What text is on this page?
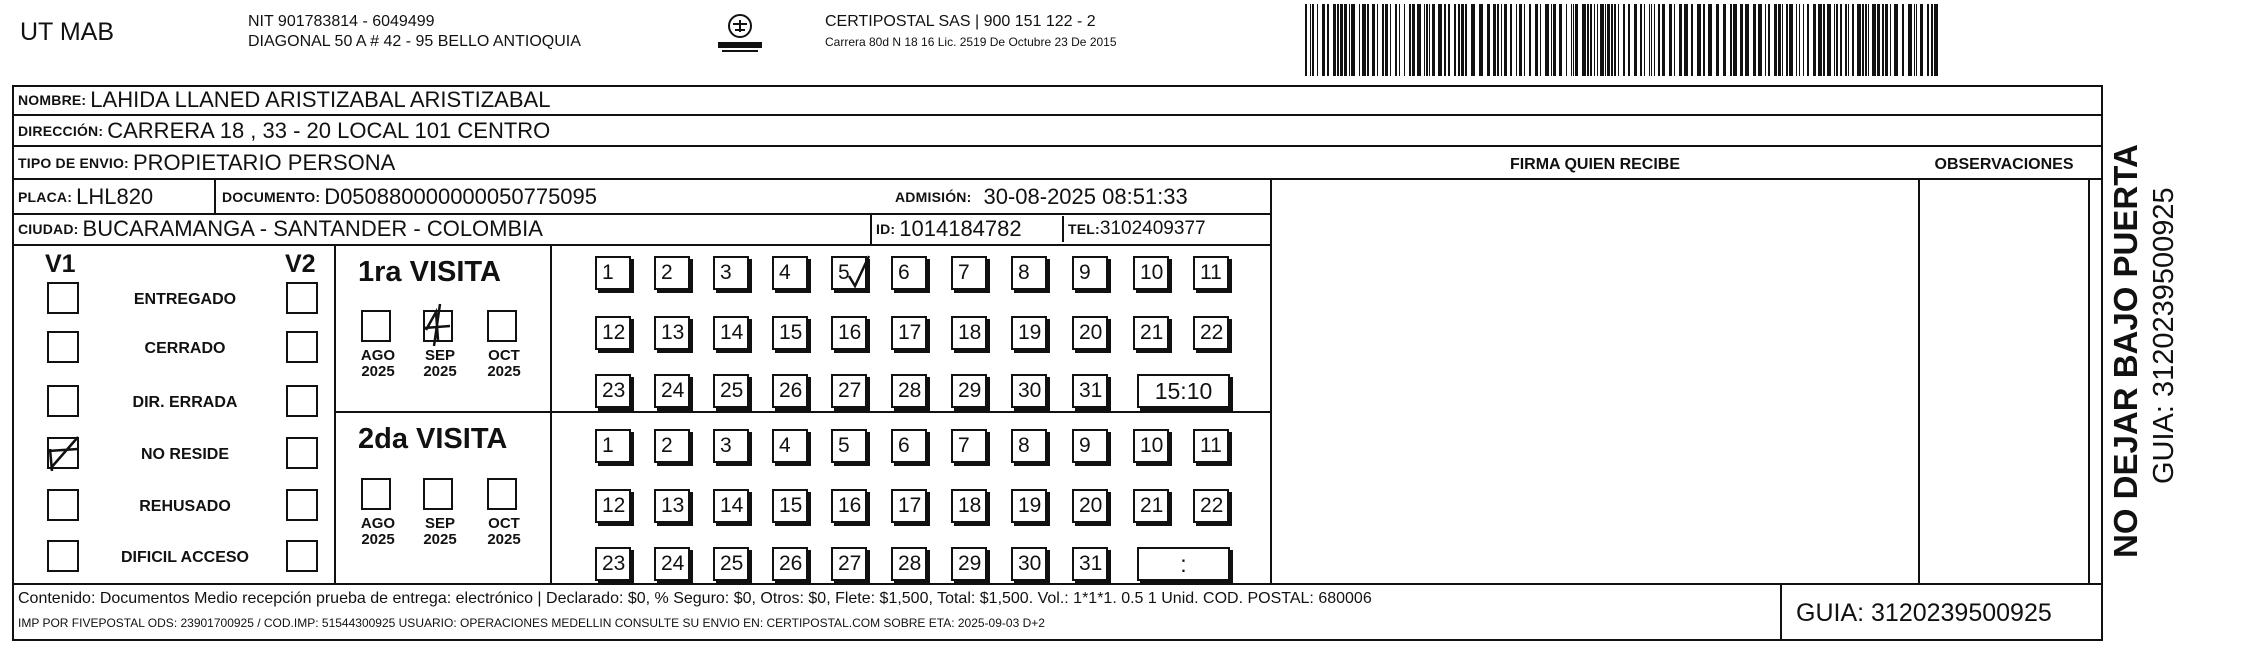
UT MAB	NIT 901783814 - 6049499
DIAGONAL 50 A # 42 - 95 BELLO ANTIOQUIA
CERTIPOSTAL SAS | 900 151 122 - 2
Carrera 80d N 18 16 Lic. 2519 De Octubre 23 De 2015
NOMBRE: LAHIDA LLANED ARISTIZABAL ARISTIZABAL
DIRECCIÓN: CARRERA 18 , 33 - 20 LOCAL 101 CENTRO
TIPO DE ENVIO: PROPIETARIO PERSONA	FIRMA QUIEN RECIBE	OBSERVACIONES
PLACA: LHL820	DOCUMENTO: D050880000000050775095	ADMISIÓN: 30-08-2025 08:51:33
CIUDAD: BUCARAMANGA - SANTANDER - COLOMBIA	ID: 1014184782	TEL: 3102409377
V1	V2
ENTREGADO
CERRADO
DIR. ERRADA
NO RESIDE
REHUSADO
DIFICIL ACCESO
1ra VISITA
2da VISITA
AGO
2025
SEP
2025
OCT
2025
AGO
2025
SEP
2025
OCT
2025
1	2	3	4	5	6	7	8	9	10	11
12	13	14	15	16	17	18	19	20	21	22
23	24	25	26	27	28	29	30	31	15:10
1	2	3	4	5	6	7	8	9	10	11
12	13	14	15	16	17	18	19	20	21	22
23	24	25	26	27	28	29	30	31	:
Contenido: Documentos Medio recepción prueba de entrega: electrónico | Declarado: $0, % Seguro: $0, Otros: $0, Flete: $1,500, Total: $1,500. Vol.: 1*1*1. 0.5 1 Unid. COD. POSTAL: 680006
IMP POR FIVEPOSTAL ODS: 23901700925 / COD.IMP: 51544300925 USUARIO: OPERACIONES MEDELLIN CONSULTE SU ENVIO EN: CERTIPOSTAL.COM SOBRE ETA: 2025-09-03 D+2	GUIA: 3120239500925
NO DEJAR BAJO PUERTA GUIA: 3120239500925
